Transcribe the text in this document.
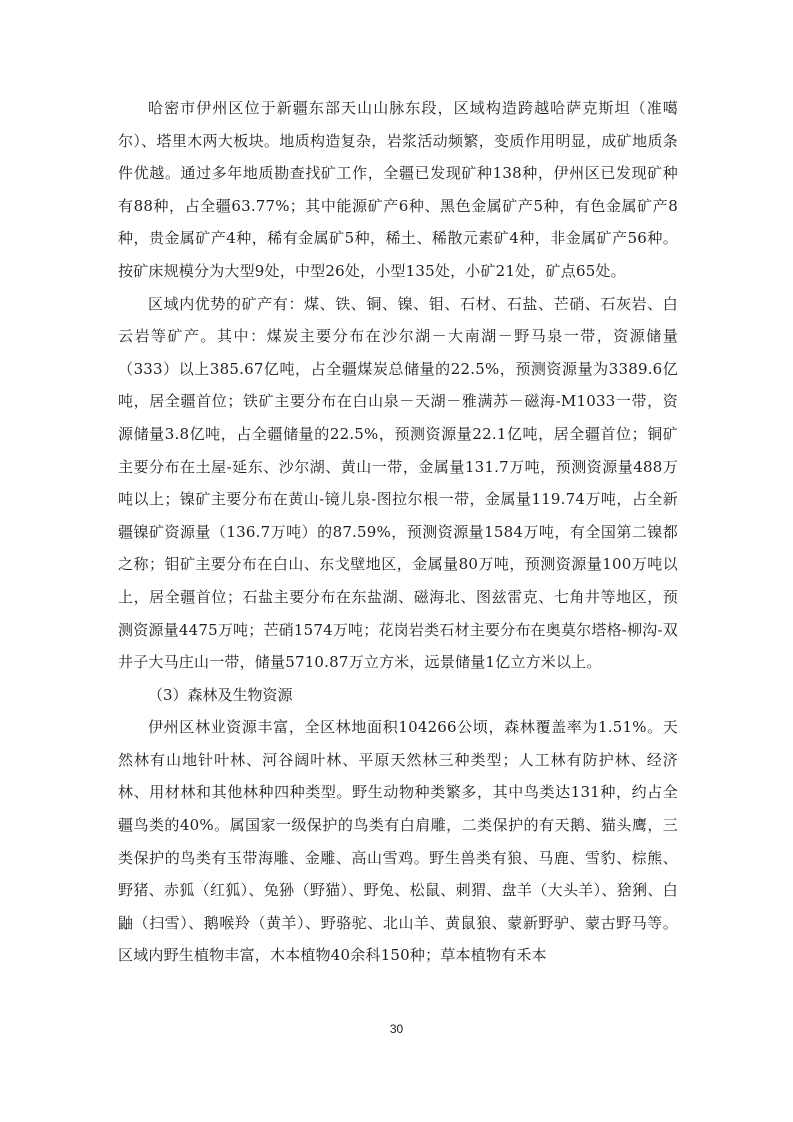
哈密市伊州区位于新疆东部天山山脉东段，区域构造跨越哈萨克斯坦（准噶尔）、塔里木两大板块。地质构造复杂，岩浆活动频繁，变质作用明显，成矿地质条件优越。通过多年地质勘查找矿工作，全疆已发现矿种138种，伊州区已发现矿种有88种，占全疆63.77%；其中能源矿产6种、黑色金属矿产5种，有色金属矿产8种，贵金属矿产4种，稀有金属矿5种，稀土、稀散元素矿4种，非金属矿产56种。按矿床规模分为大型9处，中型26处，小型135处，小矿21处，矿点65处。

区域内优势的矿产有：煤、铁、铜、镍、钼、石材、石盐、芒硝、石灰岩、白云岩等矿产。其中：煤炭主要分布在沙尔湖－大南湖－野马泉一带，资源储量（333）以上385.67亿吨，占全疆煤炭总储量的22.5%，预测资源量为3389.6亿吨，居全疆首位；铁矿主要分布在白山泉－天湖－雅满苏－磁海-M1033一带，资源储量3.8亿吨，占全疆储量的22.5%，预测资源量22.1亿吨，居全疆首位；铜矿主要分布在土屋-延东、沙尔湖、黄山一带，金属量131.7万吨，预测资源量488万吨以上；镍矿主要分布在黄山-镜儿泉-图拉尔根一带，金属量119.74万吨，占全新疆镍矿资源量（136.7万吨）的87.59%，预测资源量1584万吨，有全国第二镍都之称；钼矿主要分布在白山、东戈壁地区，金属量80万吨，预测资源量100万吨以上，居全疆首位；石盐主要分布在东盐湖、磁海北、图兹雷克、七角井等地区，预测资源量4475万吨；芒硝1574万吨；花岗岩类石材主要分布在奥莫尔塔格-柳沟-双井子大马庄山一带，储量5710.87万立方米，远景储量1亿立方米以上。

（3）森林及生物资源

伊州区林业资源丰富，全区林地面积104266公顷，森林覆盖率为1.51%。天然林有山地针叶林、河谷阔叶林、平原天然林三种类型；人工林有防护林、经济林、用材林和其他林种四种类型。野生动物种类繁多，其中鸟类达131种，约占全疆鸟类的40%。属国家一级保护的鸟类有白肩雕，二类保护的有天鹅、猫头鹰，三类保护的鸟类有玉带海雕、金雕、高山雪鸡。野生兽类有狼、马鹿、雪豹、棕熊、野猪、赤狐（红狐）、兔狲（野猫）、野兔、松鼠、刺猬、盘羊（大头羊）、猞猁、白鼬（扫雪）、鹅喉羚（黄羊）、野骆驼、北山羊、黄鼠狼、蒙新野驴、蒙古野马等。区域内野生植物丰富，木本植物40余科150种；草本植物有禾本

30
